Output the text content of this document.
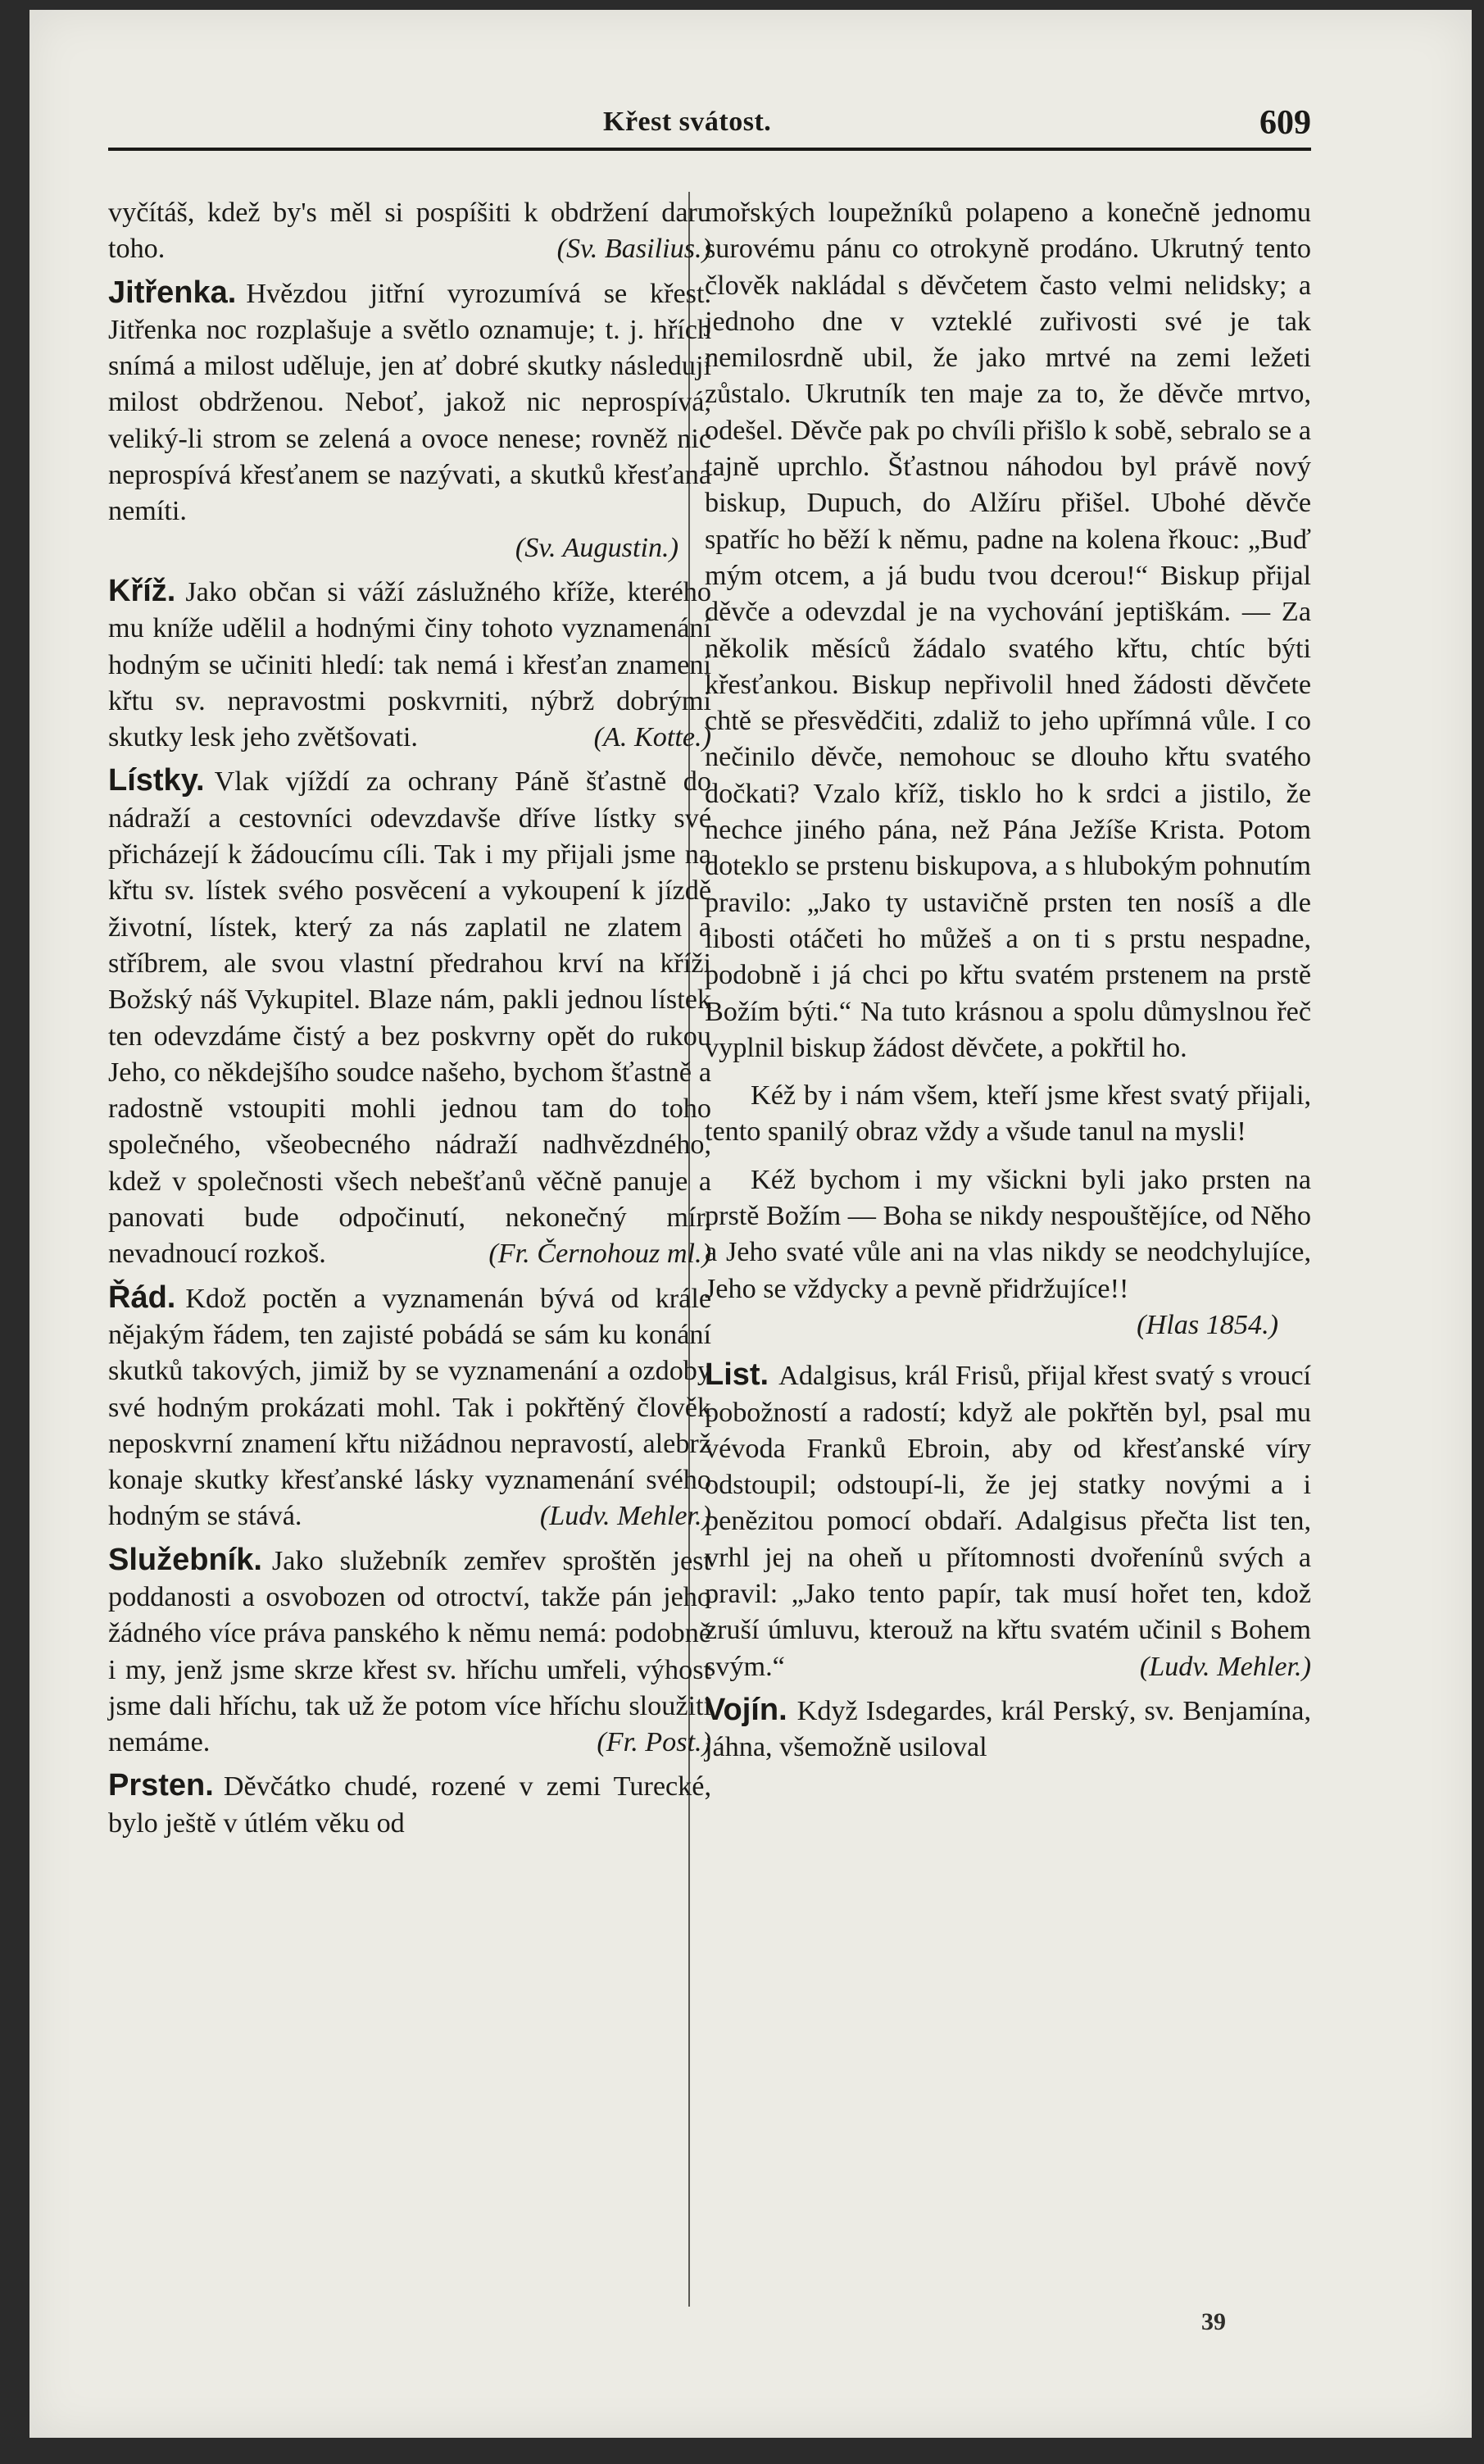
Křest svátost.	609
vyčítáš, kdež by's měl si pospíšiti k obdržení daru toho.	(Sv. Basilius.)
Jitřenka. Hvězdou jitřní vyrozumívá se křest. Jitřenka noc rozplašuje a světlo oznamuje; t. j. hřích snímá a milost uděluje, jen ať dobré skutky následují milost obdrženou. Neboť, jakož nic neprospívá, veliký-li strom se zelená a ovoce nenese; rovněž nic neprospívá křesťanem se nazývati, a skutků křesťana nemíti.
(Sv. Augustin.)
Kříž. Jako občan si váží záslužného kříže, kterého mu kníže udělil a hodnými činy tohoto vyznamenání hodným se učiniti hledí: tak nemá i křesťan znamení křtu sv. nepravostmi poskvrniti, nýbrž dobrými skutky lesk jeho zvětšovati.	(A. Kotte.)
Lístky. Vlak vjíždí za ochrany Páně šťastně do nádraží a cestovníci odevzdavše dříve lístky své přicházejí k žádoucímu cíli. Tak i my přijali jsme na křtu sv. lístek svého posvěcení a vykoupení k jízdě životní, lístek, který za nás zaplatil ne zlatem a stříbrem, ale svou vlastní předrahou krví na kříži Božský náš Vykupitel. Blaze nám, pakli jednou lístek ten odevzdáme čistý a bez poskvrny opět do rukou Jeho, co někdejšího soudce našeho, bychom šťastně a radostně vstoupiti mohli jednou tam do toho společného, všeobecného nádraží nadhvězdného, kdež v společnosti všech nebešťanů věčně panuje a panovati bude odpočinutí, nekonečný mír, nevadnoucí rozkoš.	(Fr. Černohouz ml.)
Řád. Kdož poctěn a vyznamenán bývá od krále nějakým řádem, ten zajisté pobádá se sám ku konání skutků takových, jimiž by se vyznamenání a ozdoby své hodným prokázati mohl. Tak i pokřtěný člověk neposkvrní znamení křtu nižádnou nepravostí, alebrž konaje skutky křesťanské lásky vyznamenání svého hodným se stává.	(Ludv. Mehler.)
Služebník. Jako služebník zemřev sproštěn jest poddanosti a osvobozen od otroctví, takže pán jeho žádného více práva panského k němu nemá: podobně i my, jenž jsme skrze křest sv. hříchu umřeli, výhost jsme dali hříchu, tak už že potom více hříchu sloužiti nemáme.	(Fr. Post.)
Prsten. Děvčátko chudé, rozené v zemi Turecké, bylo ještě v útlém věku od
mořských loupežníků polapeno a konečně jednomu surovému pánu co otrokyně prodáno. Ukrutný tento člověk nakládal s děvčetem často velmi nelidsky; a jednoho dne v vzteklé zuřivosti své je tak nemilosrdně ubil, že jako mrtvé na zemi ležeti zůstalo. Ukrutník ten maje za to, že děvče mrtvo, odešel. Děvče pak po chvíli přišlo k sobě, sebralo se a tajně uprchlo. Šťastnou náhodou byl právě nový biskup, Dupuch, do Alžíru přišel. Ubohé děvče spatříc ho běží k němu, padne na kolena řkouc: „Buď mým otcem, a já budu tvou dcerou!“ Biskup přijal děvče a odevzdal je na vychování jeptiškám. — Za několik měsíců žádalo svatého křtu, chtíc býti křesťankou. Biskup nepřivolil hned žádosti děvčete chtě se přesvědčiti, zdaliž to jeho upřímná vůle. I co nečinilo děvče, nemohouc se dlouho křtu svatého dočkati? Vzalo kříž, tisklo ho k srdci a jistilo, že nechce jiného pána, než Pána Ježíše Krista. Potom doteklo se prstenu biskupova, a s hlubokým pohnutím pravilo: „Jako ty ustavičně prsten ten nosíš a dle libosti otáčeti ho můžeš a on ti s prstu nespadne, podobně i já chci po křtu svatém prstenem na prstě Božím býti.“ Na tuto krásnou a spolu důmyslnou řeč vyplnil biskup žádost děvčete, a pokřtil ho.
Kéž by i nám všem, kteří jsme křest svatý přijali, tento spanilý obraz vždy a všude tanul na mysli!
Kéž bychom i my všickni byli jako prsten na prstě Božím — Boha se nikdy nespouštějíce, od Něho a Jeho svaté vůle ani na vlas nikdy se neodchylujíce, Jeho se vždycky a pevně přidržujíce!!
(Hlas 1854.)
List. Adalgisus, král Frisů, přijal křest svatý s vroucí pobožností a radostí; když ale pokřtěn byl, psal mu vévoda Franků Ebroin, aby od křesťanské víry odstoupil; odstoupí-li, že jej statky novými a i penězitou pomocí obdaří. Adalgisus přečta list ten, vrhl jej na oheň u přítomnosti dvořenínů svých a pravil: „Jako tento papír, tak musí hořet ten, kdož zruší úmluvu, kterouž na křtu svatém učinil s Bohem svým.“	(Ludv. Mehler.)
Vojín. Když Isdegardes, král Perský, sv. Benjamína, jáhna, všemožně usiloval
39
